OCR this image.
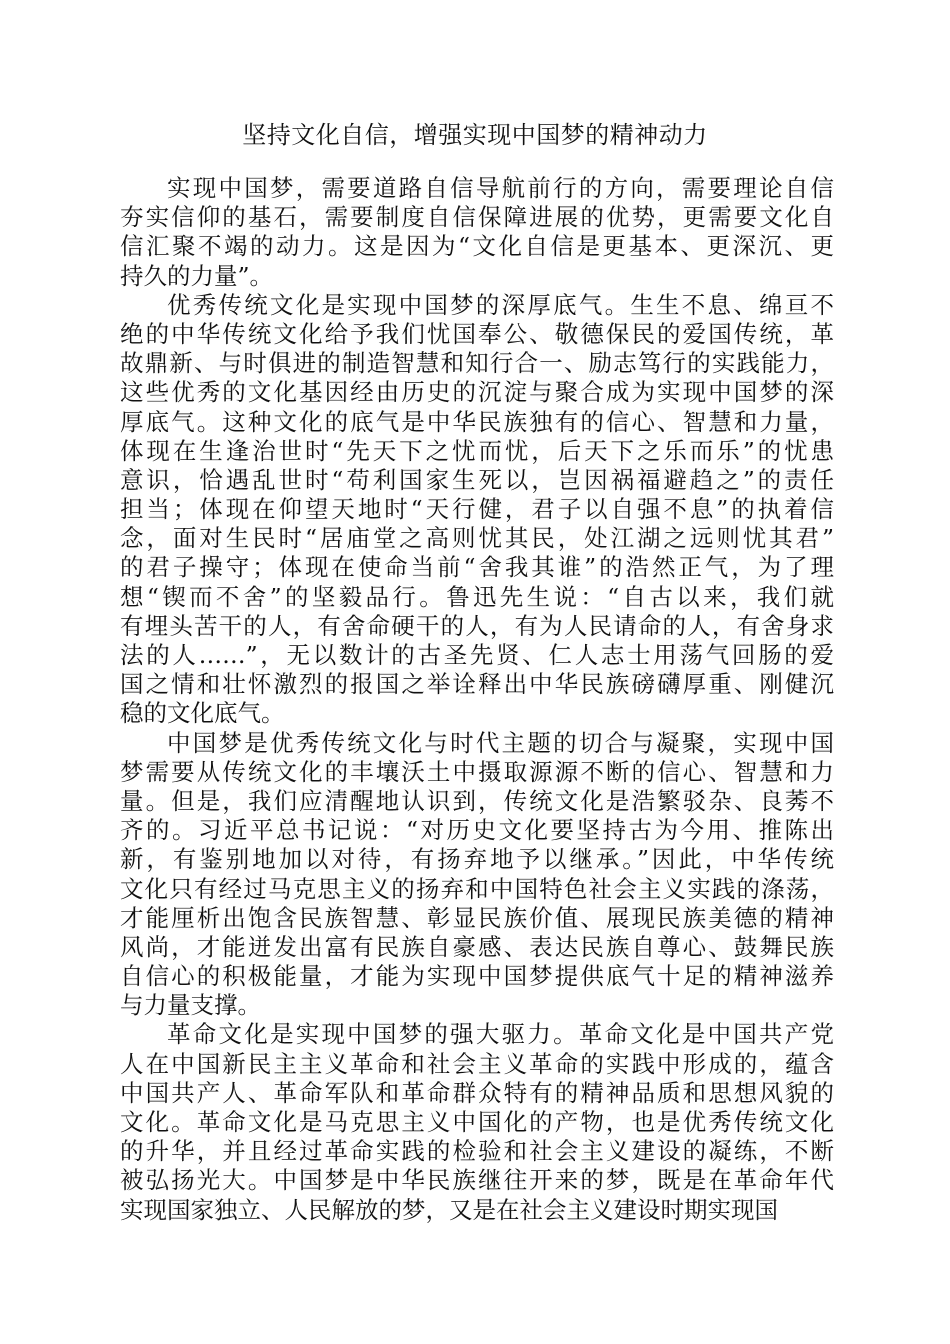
坚持文化自信，增强实现中国梦的精神动力
实现中国梦，需要道路自信导航前行的方向，需要理论自信
夯实信仰的基石，需要制度自信保障进展的优势，更需要文化自
信汇聚不竭的动力。这是因为“文化自信是更基本、更深沉、更
持久的力量”。
优秀传统文化是实现中国梦的深厚底气。生生不息、绵亘不
绝的中华传统文化给予我们忧国奉公、敬德保民的爱国传统，革
故鼎新、与时俱进的制造智慧和知行合一、励志笃行的实践能力，
这些优秀的文化基因经由历史的沉淀与聚合成为实现中国梦的深
厚底气。这种文化的底气是中华民族独有的信心、智慧和力量，
体现在生逢治世时“先天下之忧而忧，后天下之乐而乐”的忧患
意识，恰遇乱世时“苟利国家生死以，岂因祸福避趋之”的责任
担当；体现在仰望天地时“天行健，君子以自强不息”的执着信
念，面对生民时“居庙堂之高则忧其民，处江湖之远则忧其君”
的君子操守；体现在使命当前“舍我其谁”的浩然正气，为了理
想“锲而不舍”的坚毅品行。鲁迅先生说：“自古以来，我们就
有埋头苦干的人，有舍命硬干的人，有为人民请命的人，有舍身求
法的人……”，无以数计的古圣先贤、仁人志士用荡气回肠的爱
国之情和壮怀激烈的报国之举诠释出中华民族磅礴厚重、刚健沉
稳的文化底气。
中国梦是优秀传统文化与时代主题的切合与凝聚，实现中国
梦需要从传统文化的丰壤沃土中摄取源源不断的信心、智慧和力
量。但是，我们应清醒地认识到，传统文化是浩繁驳杂、良莠不
齐的。习近平总书记说：“对历史文化要坚持古为今用、推陈出
新，有鉴别地加以对待，有扬弃地予以继承。”因此，中华传统
文化只有经过马克思主义的扬弃和中国特色社会主义实践的涤荡，
才能厘析出饱含民族智慧、彰显民族价值、展现民族美德的精神
风尚，才能迸发出富有民族自豪感、表达民族自尊心、鼓舞民族
自信心的积极能量，才能为实现中国梦提供底气十足的精神滋养
与力量支撑。
革命文化是实现中国梦的强大驱力。革命文化是中国共产党
人在中国新民主主义革命和社会主义革命的实践中形成的，蕴含
中国共产人、革命军队和革命群众特有的精神品质和思想风貌的
文化。革命文化是马克思主义中国化的产物，也是优秀传统文化
的升华，并且经过革命实践的检验和社会主义建设的凝练，不断
被弘扬光大。中国梦是中华民族继往开来的梦，既是在革命年代
实现国家独立、人民解放的梦，又是在社会主义建设时期实现国
